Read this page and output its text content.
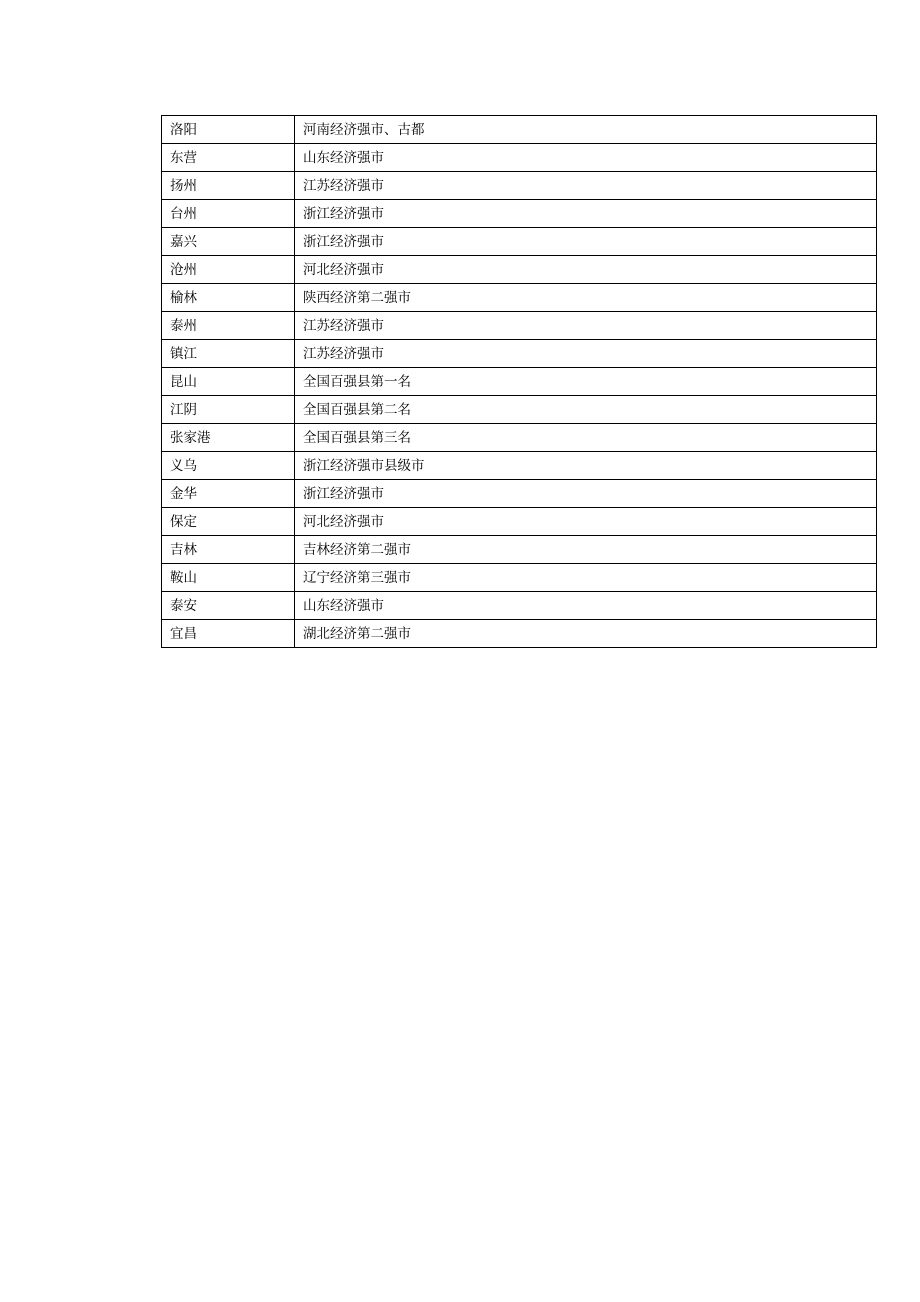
洛阳	河南经济强市、古都
东营	山东经济强市
扬州	江苏经济强市
台州	浙江经济强市
嘉兴	浙江经济强市
沧州	河北经济强市
榆林	陕西经济第二强市
泰州	江苏经济强市
镇江	江苏经济强市
昆山	全国百强县第一名
江阴	全国百强县第二名
张家港	全国百强县第三名
义乌	浙江经济强市县级市
金华	浙江经济强市
保定	河北经济强市
吉林	吉林经济第二强市
鞍山	辽宁经济第三强市
泰安	山东经济强市
宜昌	湖北经济第二强市
